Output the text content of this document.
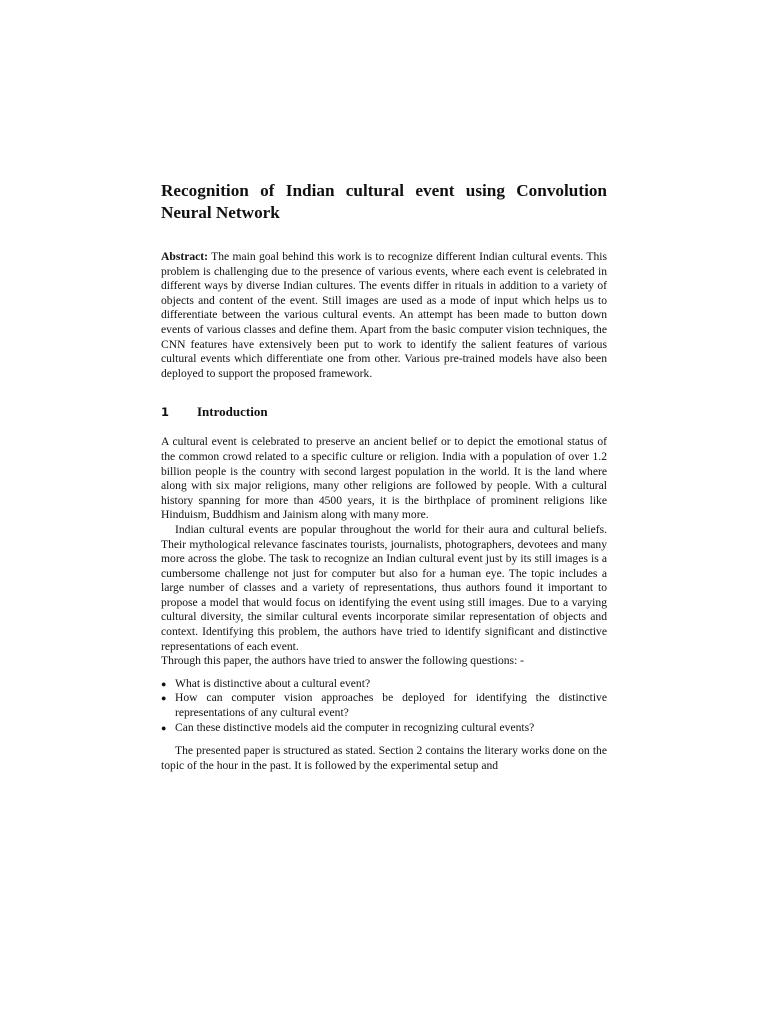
Recognition of Indian cultural event using Convolution Neural Network

Abstract: The main goal behind this work is to recognize different Indian cultural events. This problem is challenging due to the presence of various events, where each event is celebrated in different ways by diverse Indian cultures. The events differ in rituals in addition to a variety of objects and content of the event. Still images are used as a mode of input which helps us to differentiate between the various cultural events. An attempt has been made to button down events of various classes and define them. Apart from the basic computer vision techniques, the CNN features have extensively been put to work to identify the salient features of various cultural events which differentiate one from other. Various pre-trained models have also been deployed to support the proposed framework.

1 Introduction

A cultural event is celebrated to preserve an ancient belief or to depict the emotional status of the common crowd related to a specific culture or religion. India with a population of over 1.2 billion people is the country with second largest population in the world. It is the land where along with six major religions, many other religions are followed by people. With a cultural history spanning for more than 4500 years, it is the birthplace of prominent religions like Hinduism, Buddhism and Jainism along with many more.

Indian cultural events are popular throughout the world for their aura and cultural beliefs. Their mythological relevance fascinates tourists, journalists, photographers, devotees and many more across the globe. The task to recognize an Indian cultural event just by its still images is a cumbersome challenge not just for computer but also for a human eye. The topic includes a large number of classes and a variety of representations, thus authors found it important to propose a model that would focus on identifying the event using still images. Due to a varying cultural diversity, the similar cultural events incorporate similar representation of objects and context. Identifying this problem, the authors have tried to identify significant and distinctive representations of each event.

Through this paper, the authors have tried to answer the following questions: -

● What is distinctive about a cultural event?
● How can computer vision approaches be deployed for identifying the distinctive representations of any cultural event?
● Can these distinctive models aid the computer in recognizing cultural events?

The presented paper is structured as stated. Section 2 contains the literary works done on the topic of the hour in the past. It is followed by the experimental setup and
